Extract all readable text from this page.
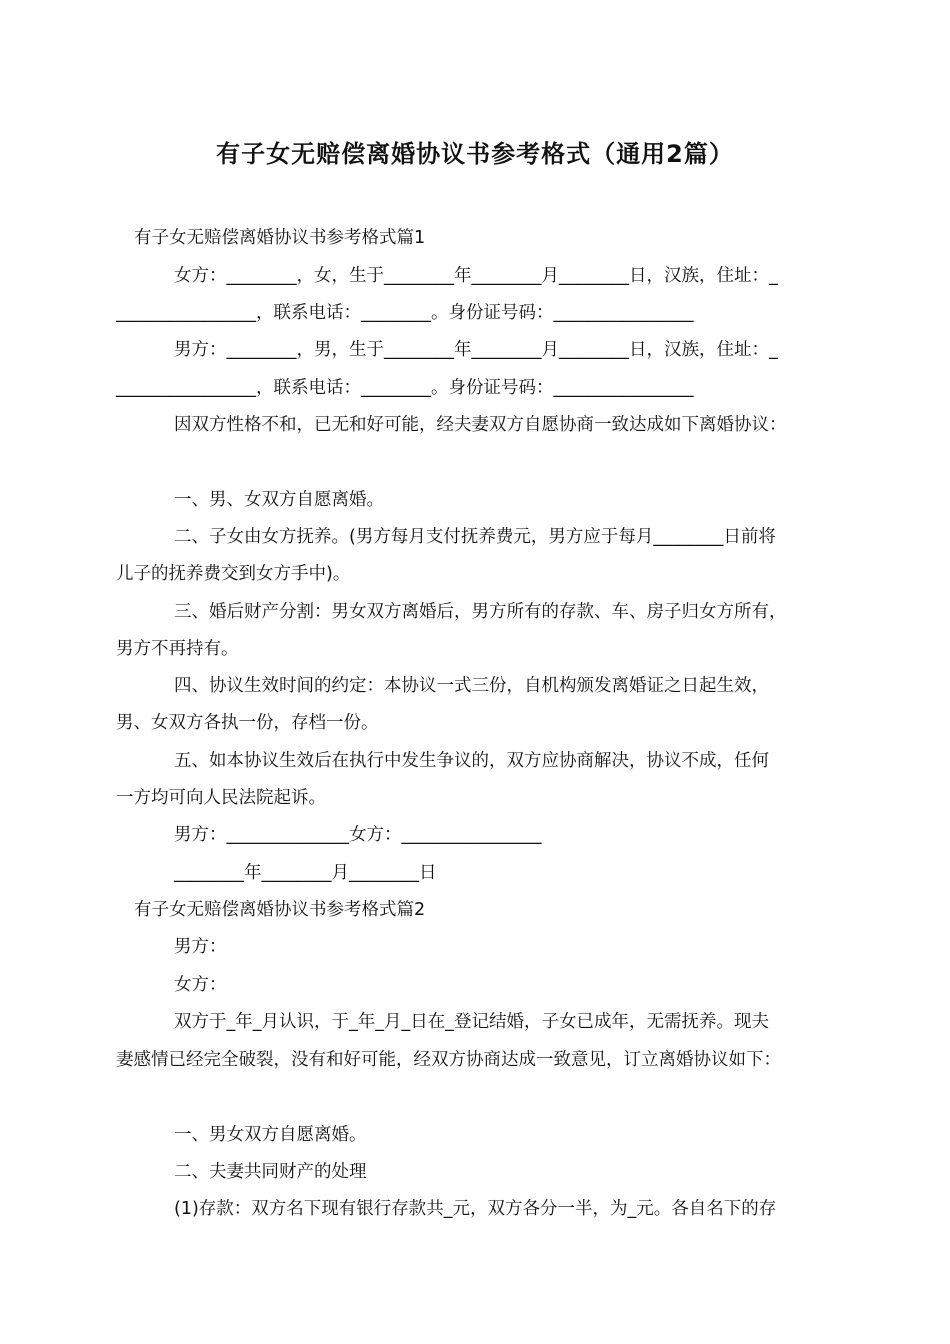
有子女无赔偿离婚协议书参考格式（通用2篇）
有子女无赔偿离婚协议书参考格式篇1
女方：________，女，生于________年________月________日，汉族，住址：_
________________，联系电话：________。身份证号码：________________
男方：________，男，生于________年________月________日，汉族，住址：_
________________，联系电话：________。身份证号码：________________
因双方性格不和，已无和好可能，经夫妻双方自愿协商一致达成如下离婚协议：
一、男、女双方自愿离婚。
二、子女由女方抚养。(男方每月支付抚养费元，男方应于每月________日前将
儿子的抚养费交到女方手中)。
三、婚后财产分割：男女双方离婚后，男方所有的存款、车、房子归女方所有，
男方不再持有。
四、协议生效时间的约定：本协议一式三份，自机构颁发离婚证之日起生效，
男、女双方各执一份，存档一份。
五、如本协议生效后在执行中发生争议的，双方应协商解决，协议不成，任何
一方均可向人民法院起诉。
男方：______________女方：________________
________年________月________日
有子女无赔偿离婚协议书参考格式篇2
男方：
女方：
双方于_年_月认识，于_年_月_日在_登记结婚，子女已成年，无需抚养。现夫
妻感情已经完全破裂，没有和好可能，经双方协商达成一致意见，订立离婚协议如下：
一、男女双方自愿离婚。
二、夫妻共同财产的处理
(1)存款：双方名下现有银行存款共_元，双方各分一半，为_元。各自名下的存
